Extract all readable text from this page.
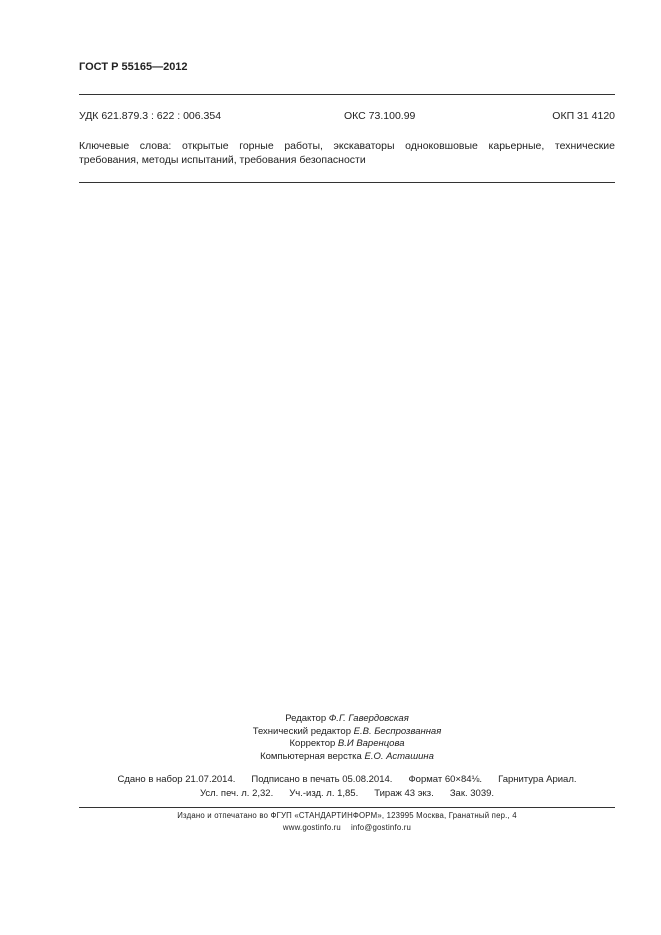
ГОСТ Р 55165—2012
УДК 621.879.3 : 622 : 006.354	ОКС 73.100.99	ОКП 31 4120
Ключевые слова: открытые горные работы, экскаваторы одноковшовые карьерные, технические требования, методы испытаний, требования безопасности
Редактор Ф.Г. Гавердовская
Технический редактор Е.В. Беспрозванная
Корректор В.И Варенцова
Компьютерная верстка Е.О. Асташина
Сдано в набор 21.07.2014. Подписано в печать 05.08.2014. Формат 60×84⅛. Гарнитура Ариал.
Усл. печ. л. 2,32. Уч.-изд. л. 1,85. Тираж 43 экз. Зак. 3039.
Издано и отпечатано во ФГУП «СТАНДАРТИНФОРМ», 123995 Москва, Гранатный пер., 4
www.gostinfo.ru info@gostinfo.ru
